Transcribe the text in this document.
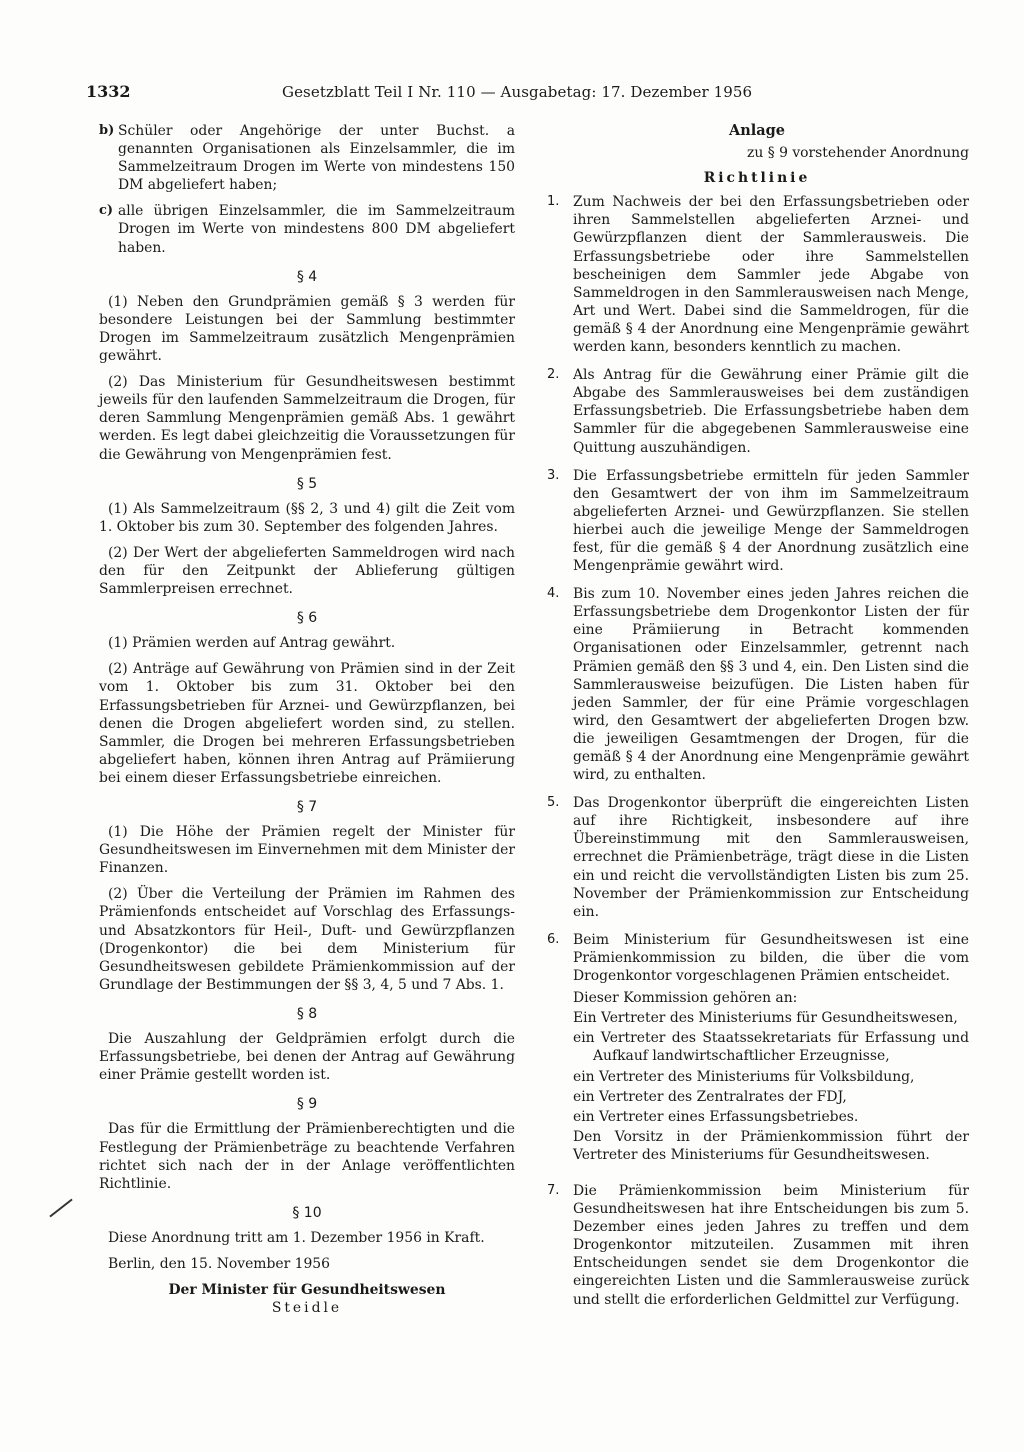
1332	Gesetzblatt Teil I Nr. 110 — Ausgabetag: 17. Dezember 1956
b) Schüler oder Angehörige der unter Buchst. a genannten Organisationen als Einzelsammler, die im Sammelzeitraum Drogen im Werte von mindestens 150 DM abgeliefert haben;
c) alle übrigen Einzelsammler, die im Sammelzeitraum Drogen im Werte von mindestens 800 DM abgeliefert haben.
§ 4

(1) Neben den Grundprämien gemäß § 3 werden für besondere Leistungen bei der Sammlung bestimmter Drogen im Sammelzeitraum zusätzlich Mengenprämien gewährt.

(2) Das Ministerium für Gesundheitswesen bestimmt jeweils für den laufenden Sammelzeitraum die Drogen, für deren Sammlung Mengenprämien gemäß Abs. 1 gewährt werden. Es legt dabei gleichzeitig die Voraussetzungen für die Gewährung von Mengenprämien fest.

§ 5

(1) Als Sammelzeitraum (§§ 2, 3 und 4) gilt die Zeit vom 1. Oktober bis zum 30. September des folgenden Jahres.

(2) Der Wert der abgelieferten Sammeldrogen wird nach den für den Zeitpunkt der Ablieferung gültigen Sammlerpreisen errechnet.

§ 6

(1) Prämien werden auf Antrag gewährt.

(2) Anträge auf Gewährung von Prämien sind in der Zeit vom 1. Oktober bis zum 31. Oktober bei den Erfassungsbetrieben für Arznei- und Gewürzpflanzen, bei denen die Drogen abgeliefert worden sind, zu stellen. Sammler, die Drogen bei mehreren Erfassungsbetrieben abgeliefert haben, können ihren Antrag auf Prämiierung bei einem dieser Erfassungsbetriebe einreichen.

§ 7

(1) Die Höhe der Prämien regelt der Minister für Gesundheitswesen im Einvernehmen mit dem Minister der Finanzen.

(2) Über die Verteilung der Prämien im Rahmen des Prämienfonds entscheidet auf Vorschlag des Erfassungs- und Absatzkontors für Heil-, Duft- und Gewürzpflanzen (Drogenkontor) die bei dem Ministerium für Gesundheitswesen gebildete Prämienkommission auf der Grundlage der Bestimmungen der §§ 3, 4, 5 und 7 Abs. 1.

§ 8

Die Auszahlung der Geldprämien erfolgt durch die Erfassungsbetriebe, bei denen der Antrag auf Gewährung einer Prämie gestellt worden ist.

§ 9

Das für die Ermittlung der Prämienberechtigten und die Festlegung der Prämienbeträge zu beachtende Verfahren richtet sich nach der in der Anlage veröffentlichten Richtlinie.

§ 10

Diese Anordnung tritt am 1. Dezember 1956 in Kraft.

Berlin, den 15. November 1956

Der Minister für Gesundheitswesen

Steidle

Anlage

zu § 9 vorstehender Anordnung

Richtlinie

1. Zum Nachweis der bei den Erfassungsbetrieben oder ihren Sammelstellen abgelieferten Arznei- und Gewürzpflanzen dient der Sammlerausweis. Die Erfassungsbetriebe oder ihre Sammelstellen bescheinigen dem Sammler jede Abgabe von Sammeldrogen in den Sammlerausweisen nach Menge, Art und Wert. Dabei sind die Sammeldrogen, für die gemäß § 4 der Anordnung eine Mengenprämie gewährt werden kann, besonders kenntlich zu machen.
2. Als Antrag für die Gewährung einer Prämie gilt die Abgabe des Sammlerausweises bei dem zuständigen Erfassungsbetrieb. Die Erfassungsbetriebe haben dem Sammler für die abgegebenen Sammlerausweise eine Quittung auszuhändigen.
3. Die Erfassungsbetriebe ermitteln für jeden Sammler den Gesamtwert der von ihm im Sammelzeitraum abgelieferten Arznei- und Gewürzpflanzen. Sie stellen hierbei auch die jeweilige Menge der Sammeldrogen fest, für die gemäß § 4 der Anordnung zusätzlich eine Mengenprämie gewährt wird.
4. Bis zum 10. November eines jeden Jahres reichen die Erfassungsbetriebe dem Drogenkontor Listen der für eine Prämiierung in Betracht kommenden Organisationen oder Einzelsammler, getrennt nach Prämien gemäß den §§ 3 und 4, ein. Den Listen sind die Sammlerausweise beizufügen. Die Listen haben für jeden Sammler, der für eine Prämie vorgeschlagen wird, den Gesamtwert der abgelieferten Drogen bzw. die jeweiligen Gesamtmengen der Drogen, für die gemäß § 4 der Anordnung eine Mengenprämie gewährt wird, zu enthalten.
5. Das Drogenkontor überprüft die eingereichten Listen auf ihre Richtigkeit, insbesondere auf ihre Übereinstimmung mit den Sammlerausweisen, errechnet die Prämienbeträge, trägt diese in die Listen ein und reicht die vervollständigten Listen bis zum 25. November der Prämienkommission zur Entscheidung ein.
6. Beim Ministerium für Gesundheitswesen ist eine Prämienkommission zu bilden, die über die vom Drogenkontor vorgeschlagenen Prämien entscheidet.

Dieser Kommission gehören an:

Ein Vertreter des Ministeriums für Gesundheitswesen,

ein Vertreter des Staatssekretariats für Erfassung und Aufkauf landwirtschaftlicher Erzeugnisse,

ein Vertreter des Ministeriums für Volksbildung,

ein Vertreter des Zentralrates der FDJ,

ein Vertreter eines Erfassungsbetriebes.

Den Vorsitz in der Prämienkommission führt der Vertreter des Ministeriums für Gesundheitswesen.

7. Die Prämienkommission beim Ministerium für Gesundheitswesen hat ihre Entscheidungen bis zum 5. Dezember eines jeden Jahres zu treffen und dem Drogenkontor mitzuteilen. Zusammen mit ihren Entscheidungen sendet sie dem Drogenkontor die eingereichten Listen und die Sammlerausweise zurück und stellt die erforderlichen Geldmittel zur Verfügung.
